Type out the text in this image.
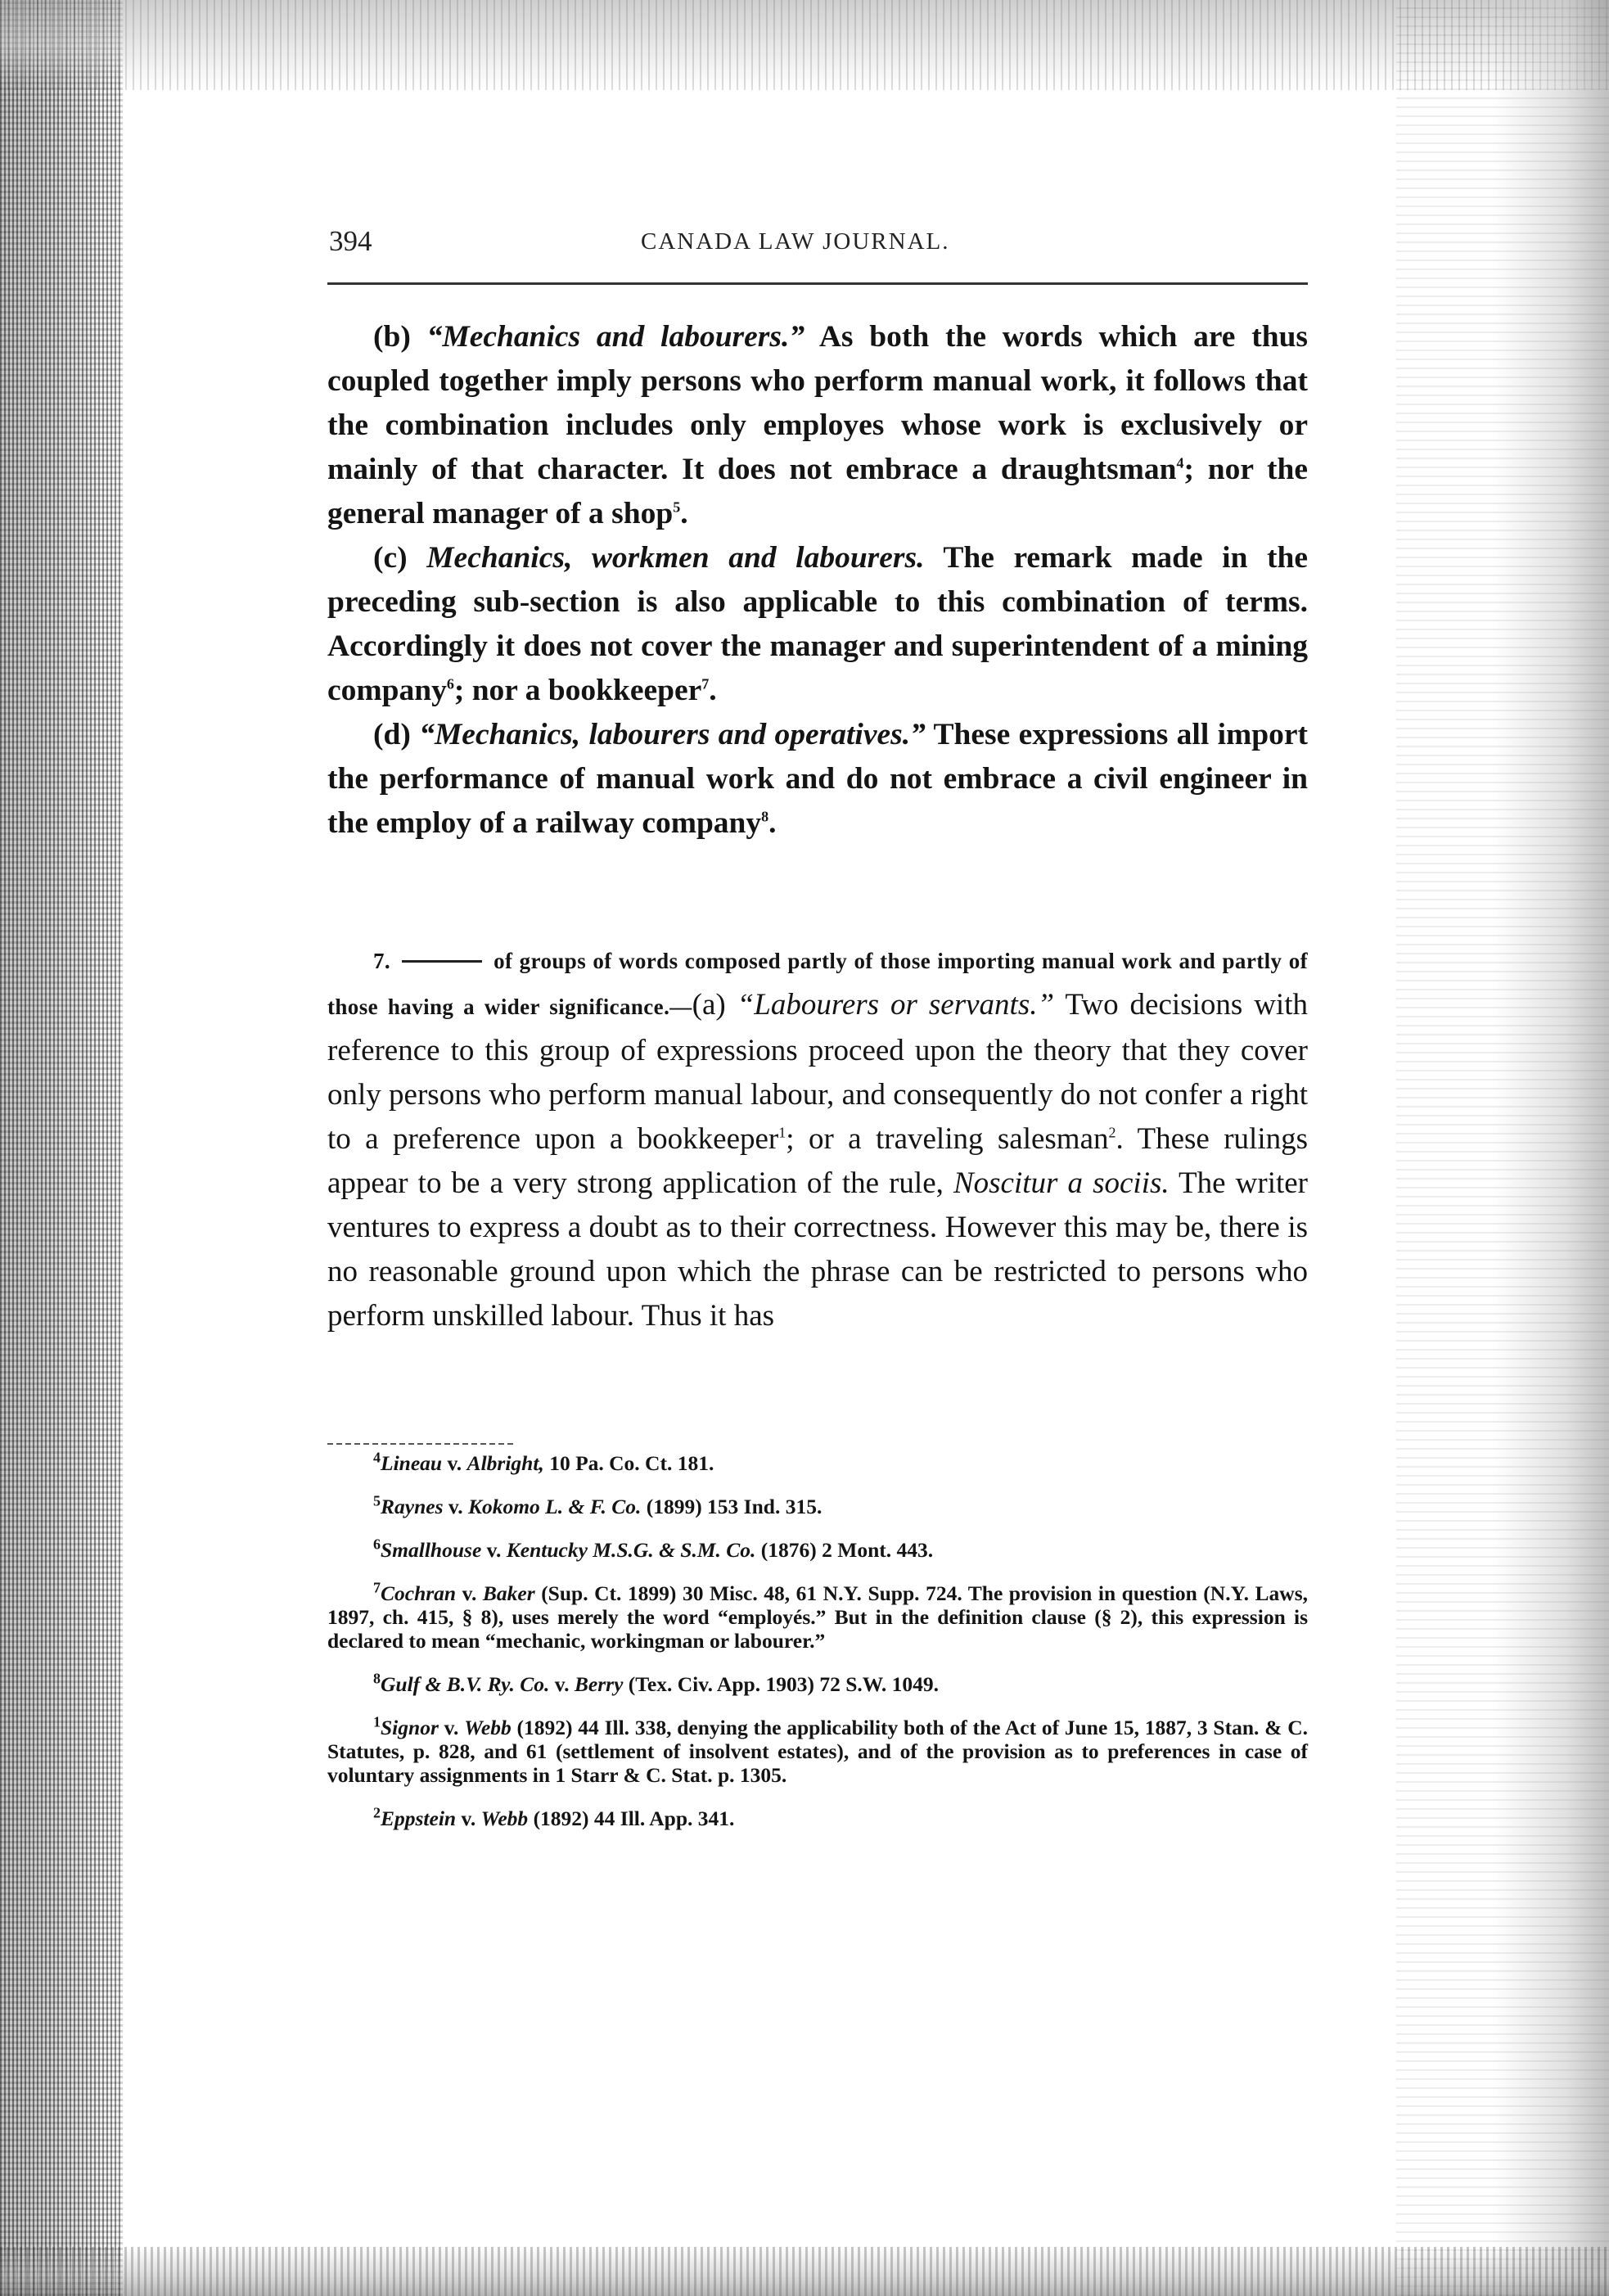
394	CANADA LAW JOURNAL.

(b) “Mechanics and labourers.” As both the words which are thus coupled together imply persons who perform manual work, it follows that the combination includes only employes whose work is exclusively or mainly of that character. It does not embrace a draughtsman$^4$; nor the general manager of a shop$^5$.

(c) Mechanics, workmen and labourers. The remark made in the preceding sub-section is also applicable to this combination of terms. Accordingly it does not cover the manager and superintendent of a mining company$^6$; nor a bookkeeper$^7$.

(d) “Mechanics, labourers and operatives.” These expressions all import the performance of manual work and do not embrace a civil engineer in the employ of a railway company$^8$.

7.	of groups of words composed partly of those importing manual work and partly of those having a wider significance.—(a) “Labourers or servants.” Two decisions with reference to this group of expressions proceed upon the theory that they cover only persons who perform manual labour, and consequently do not confer a right to a preference upon a bookkeeper$^1$; or a traveling salesman$^2$. These rulings appear to be a very strong application of the rule, Noscitur a sociis. The writer ventures to express a doubt as to their correctness. However this may be, there is no reasonable ground upon which the phrase can be restricted to persons who perform unskilled labour. Thus it has

$^4$Lineau v. Albright, 10 Pa. Co. Ct. 181.

$^5$Raynes v. Kokomo L. & F. Co. (1899) 153 Ind. 315.

$^6$Smallhouse v. Kentucky M.S.G. & S.M. Co. (1876) 2 Mont. 443.

$^7$Cochran v. Baker (Sup. Ct. 1899) 30 Misc. 48, 61 N.Y. Supp. 724. The provision in question (N.Y. Laws, 1897, ch. 415, § 8), uses merely the word “employés.” But in the definition clause (§ 2), this expression is declared to mean “mechanic, workingman or labourer.”

$^8$Gulf & B.V. Ry. Co. v. Berry (Tex. Civ. App. 1903) 72 S.W. 1049.

$^1$Signor v. Webb (1892) 44 Ill. 338, denying the applicability both of the Act of June 15, 1887, 3 Stan. & C. Statutes, p. 828, and 61 (settlement of insolvent estates), and of the provision as to preferences in case of voluntary assignments in 1 Starr & C. Stat. p. 1305.

$^2$Eppstein v. Webb (1892) 44 Ill. App. 341.
